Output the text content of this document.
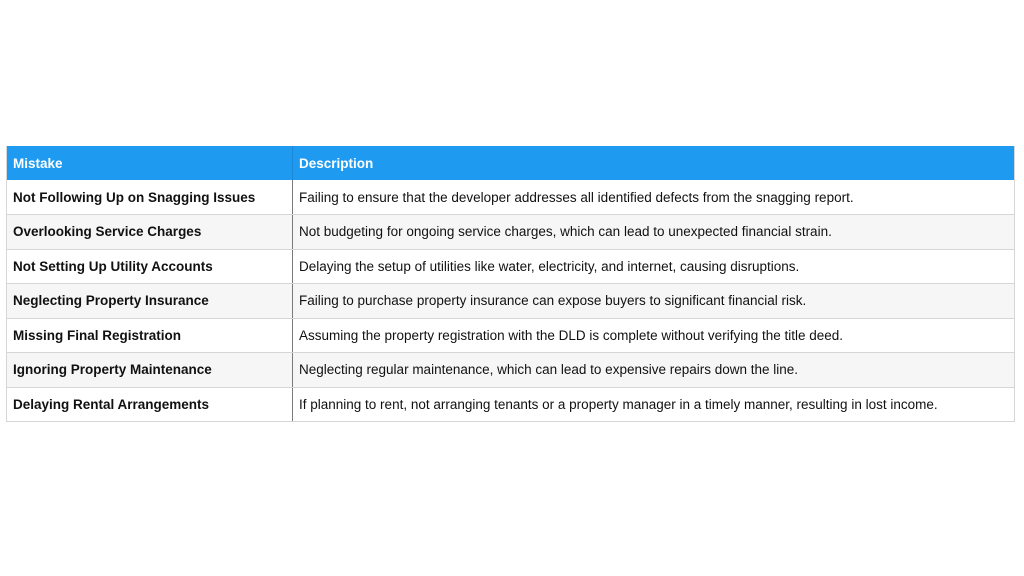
Mistake	Description
Not Following Up on Snagging Issues	Failing to ensure that the developer addresses all identified defects from the snagging report.
Overlooking Service Charges	Not budgeting for ongoing service charges, which can lead to unexpected financial strain.
Not Setting Up Utility Accounts	Delaying the setup of utilities like water, electricity, and internet, causing disruptions.
Neglecting Property Insurance	Failing to purchase property insurance can expose buyers to significant financial risk.
Missing Final Registration	Assuming the property registration with the DLD is complete without verifying the title deed.
Ignoring Property Maintenance	Neglecting regular maintenance, which can lead to expensive repairs down the line.
Delaying Rental Arrangements	If planning to rent, not arranging tenants or a property manager in a timely manner, resulting in lost income.
